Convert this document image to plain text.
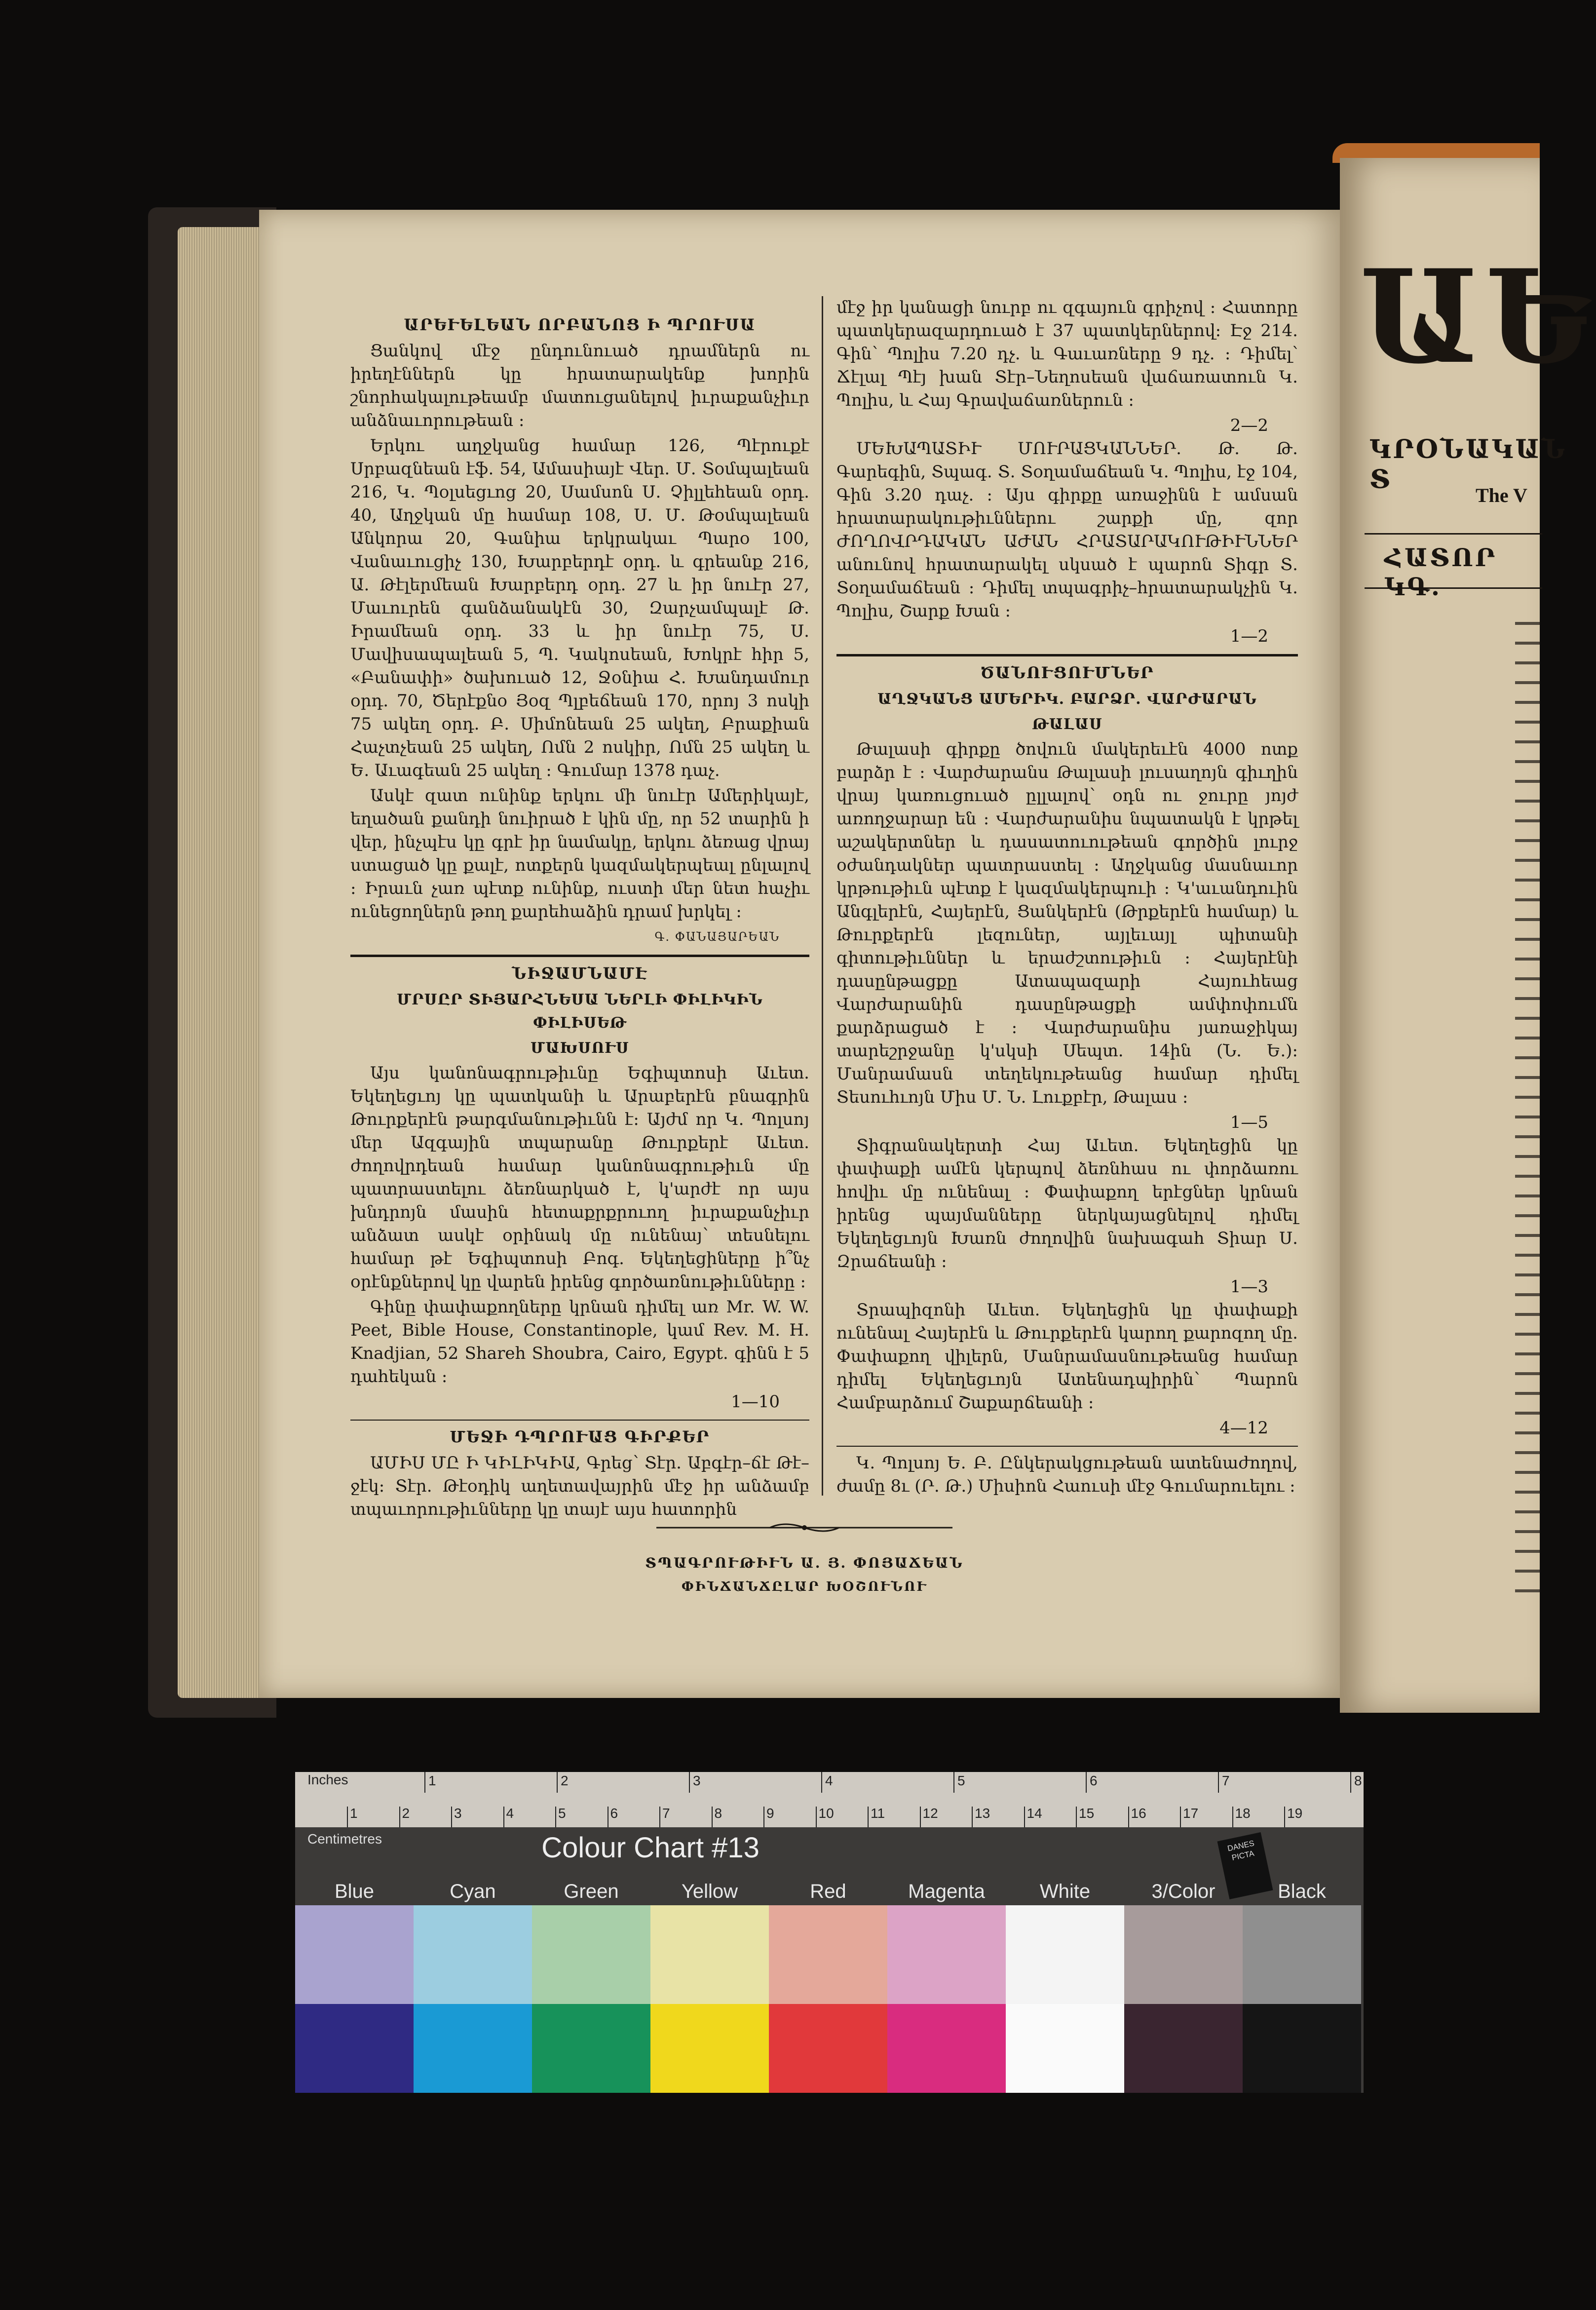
ԱՐԵՒԵԼԵԱՆ ՈՐԲԱՆՈՑ Ի ՊՐՈՒՍԱ

Ցանկով մէջ ընդունուած դրամներն ու իրեղէններն կը հրատարակենք խորին շնորհակալութեամբ մատուցանելով իւրաքանչիւր անձնաւորութեան ։

Երկու աղջկանց համար 126, Պէրուքէ Սրբազնեան էֆ. 54, Ամասիայէ Վեր. Մ. Տօմպալեան 216, Կ. Պօլսեցւոց 20, Սամսոն Ս. Չիլլեհեան օրդ. 40, Աղջկան մը համար 108, Ս. Մ. Թօմպալեան Անկորա 20, Գանիա երկրակաւ Պարօ 100, Վանաւուցիչ 130, Խարբերդէ օրդ. և գրեանք 216, Ա. Թէլերմեան Խարբերդ օրդ. 27 և իր նուէր 27, Մաւուրեն գանձանակէն 30, Զարչամպալէ Թ. Իրամեան օրդ. 33 և իր նուէր 75, Ս. Մավիսապալեան 5, Պ. Կակոսեան, Խոկրէ հիր 5, «Բանափի» ծախուած 12, Ջօնիա Հ. Խանդամուր օրդ. 70, Ծերէքնօ Յօզ Պլբեճեան 170, որոյ 3 ոսկի 75 ակեղ օրդ. Բ. Սիմոնեան 25 ակեղ, Բրաքիան Հաչտչեան 25 ակեղ, Ոմն 2 ոսկիր, Ոմն 25 ակեղ և Ե. Աւագեան 25 ակեղ ։ Գումար 1378 դաչ.

Ասկէ զատ ունինք երկու մի նուէր Ամերիկայէ, եղածան քանդի նուիրած է կին մը, որ 52 տարին ի վեր, ինչպէս կը գրէ իր նամակը, երկու ձեռաց վրայ ստացած կը քալէ, ոտքերն կազմակերպեալ ընլալով ։ Իրաւն չառ պէտք ունինք, ուստի մեր նետ հաչիւ ունեցողներն թող քարեհաձին դրամ խրկել ։

Գ. ՓԱՆԱՅԱՐԵԱՆ
ՆԻՋԱՄՆԱՄԷ
ՄՐՍԸՐ ՏԻՅԱՐՀՆԵՍԱ ՆԵՐԼԻ ՓԻԼԻԿԻՆ ՓԻԼԻՍԵԹ
ՄԱԽՍՈՒՍ

Այս կանոնագրութիւնը Եգիպտոսի Աւետ. Եկեղեցւոյ կը պատկանի և Արաբերէն բնագրին Թուրքերէն թարգմանութիւնն է։ Այժմ որ Կ. Պոլսոյ մեր Ազգային տպարանը Թուրքերէ Աւետ. ժողովրդեան համար կանոնագրութիւն մը պատրաստելու ձեռնարկած է, կ'արժէ որ այս խնդրոյն մասին հետաքրքրուող իւրաքանչիւր անձատ ասկէ օրինակ մը ունենայ՝ տեսնելու համար թէ Եգիպտոսի Բոգ. Եկեղեցիները ի՞նչ օրէնքներով կը վարեն իրենց գործառնութիւնները ։

Գինը փափաքողները կրնան դիմել առ Mr. W. W. Peet, Bible House, Constantinople, կամ Rev. M. H. Knadjian, 52 Shareh Shoubra, Cairo, Egypt. գինն է 5 դահեկան ։

1—10
ՄԵՋԻ ԴՊՐՈՒԱՑ ԳԻՐՔԵՐ

ԱՄԻՍ ՄԸ Ի ԿԻԼԻԿԻԱ, Գրեց՝ Տէր. Աբգէր–ճէ Թէ–ջէկ։ Տէր. Թէօդիկ աղետավայրին մէջ իր անձամբ տպաւորութիւնները կը տայէ այս հատորին

մէջ իր կանացի նուրբ ու զգայուն գրիչով ։ Հատորը պատկերազարդուած է 37 պատկերներով։ Էջ 214. Գին՝ Պոլիս 7.20 դչ. և Գաւառները 9 դչ. ։ Դիմել՝ Ճէլալ Պէյ խան Տէր–Նեղոսեան վաճառատուն Կ. Պոլիս, և Հայ Գրավաճառներուն ։

2—2

ՄԵԽԱՊԱՏԻՒ ՄՈՒՐԱՑԿԱՆՆԵՐ. Թ. Թ. Գարեգին, Տպագ. Տ. Տօղամաճեան Կ. Պոլիս, էջ 104, Գին 3.20 դաչ. ։ Այս գիրքը առաջինն է ամսան հրատարակութիւններու շարքի մը, զոր ԺՈՂՈՎՐԴԱԿԱՆ ԱԺԱՆ ՀՐԱՏԱՐԱԿՈՒԹԻՒՆՆԵՐ անունով հրատարակել սկսած է պարոն Տիգր Տ. Տօղամաճեան ։ Դիմել տպագրիչ–հրատարակչին Կ. Պոլիս, Շարք Խան ։

1—2
ԾԱՆՈՒՑՈՒՄՆԵՐ
ԱՂՋԿԱՆՑ ԱՄԵՐԻԿ. ԲԱՐՁՐ. ՎԱՐԺԱՐԱՆ
ԹԱԼԱՍ

Թալասի գիրքը ծովուն մակերեւէն 4000 ոտք բարձր է ։ Վարժարանս Թալասի լուսաղոյն գիւղին վրայ կառուցուած ըլլալով՝ օդն ու ջուրը յոյժ առողջարար են ։ Վարժարանիս նպատակն է կրթել աշակերտներ և դասատուութեան գործին լուրջ օժանդակներ պատրաստել ։ Աղջկանց մասնաւոր կրթութիւն պէտք է կազմակերպուի ։ Կ'աւանդուին Անգլերէն, Հայերէն, Ցանկերէն (Թրքերէն համար) և Թուրքերէն լեզուներ, այլեւայլ պիտանի գիտութիւններ և երաժշտութիւն ։ Հայերէնի դասընթացքը Ատապազարի Հայուհեաց Վարժարանին դասընթացքի ամփոփումն քարձրացած է ։ Վարժարանիս յառաջիկայ տարեշրջանը կ'սկսի Սեպտ. 14ին (Ն. Ե.)։ Մանրամասն տեղեկութեանց համար դիմել Տեսուհւոյն Միս Մ. Ն. Լուքբէր, Թալաս ։

1—5

Տիգրանակերտի Հայ Աւետ. Եկեղեցին կը փափաքի ամէն կերպով ձեռնհաս ու փորձառու հովիւ մը ունենալ ։ Փափաքող երէցներ կրնան իրենց պայմանները ներկայացնելով դիմել Եկեղեցւոյն Խառն ժողովին նախագահ Տիար Ս. Զրաճեանի ։

1—3

Տրապիզոնի Աւետ. Եկեղեցին կը փափաքի ունենալ Հայերէն և Թուրքերէն կարող քարոզող մը. Փափաքող վիլերն, Մանրամասնութեանց համար դիմել Եկեղեցւոյն Ատենադպիրին՝ Պարոն Համբարձում Շաքարճեանի ։

4—12

Կ. Պոլսոյ Ե. Բ. Ընկերակցութեան ատենաժողով, ժամը 8ւ (Ր. Թ.) Միսիոն Հաուսի մէջ Գումարուելու ։

ՏՊԱԳՐՈՒԹԻՒՆ Ա. Յ. ՓՈՅԱՃԵԱՆ
ՓԻՆՃԱՆՃԸԼԱՐ ԽՕՇՈՒՆՈՒ
ԱԵ
ԿՐՕՆԱԿԱՆ Տ
The V
ՀԱՏՈՐ ԿԳ.
Inches
Centimetres
1	2	3	4	5	6	7	8
1	2	3	4	5	6	7	8	9	10	11	12	13	14	15	16	17	18	19
Colour Chart #13	DANES PICTA
Blue	Cyan	Green	Yellow	Red	Magenta	White	3/Color	Black
